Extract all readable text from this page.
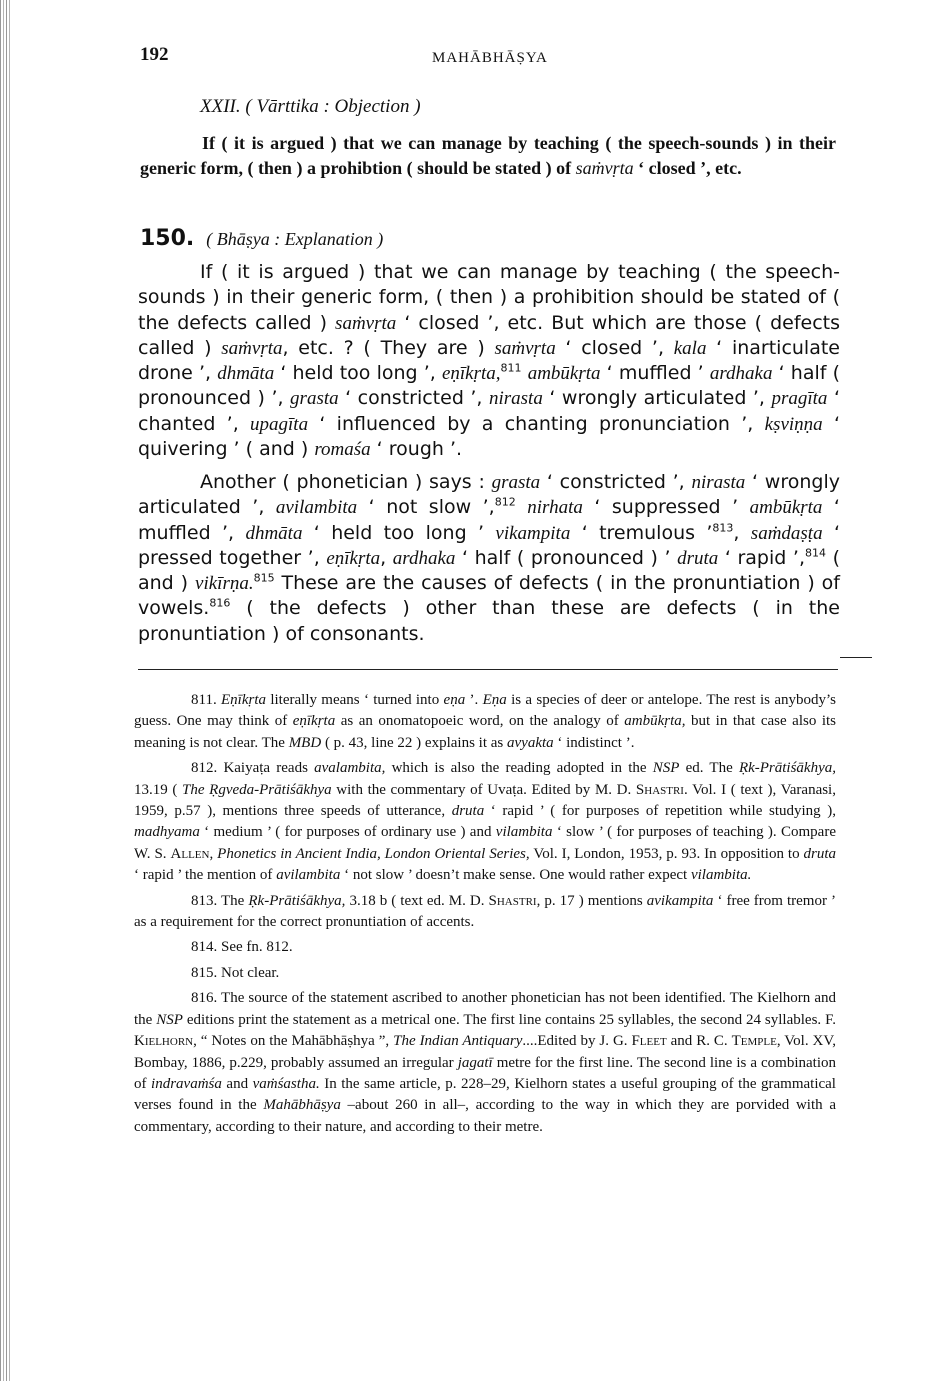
192	MAHĀBHĀṢYA
XXII. ( Vārttika : Objection )

If ( it is argued ) that we can manage by teaching ( the speech-sounds ) in their generic form, ( then ) a prohibtion ( should be stated ) of saṁvṛta ‘ closed ’, etc.

150. ( Bhāṣya : Explanation )

If ( it is argued ) that we can manage by teaching ( the speech-sounds ) in their generic form, ( then ) a prohibition should be stated of ( the defects called ) saṁvṛta ‘ closed ’, etc. But which are those ( defects called ) saṁvṛta, etc. ? ( They are ) saṁvṛta ‘ closed ’, kala ‘ inarticulate drone ’, dhmāta ‘ held too long ’, eṇīkṛta,$^{811}$ ambūkṛta ‘ muffled ’ ardhaka ‘ half ( pronounced ) ’, grasta ‘ constricted ’, nirasta ‘ wrongly articulated ’, pragīta ‘ chanted ’, upagīta ‘ influenced by a chanting pronunciation ’, kṣviṇṇa ‘ quivering ’ ( and ) romaśa ‘ rough ’.

Another ( phonetician ) says : grasta ‘ constricted ’, nirasta ‘ wrongly articulated ’, avilambita ‘ not slow ’,$^{812}$ nirhata ‘ suppressed ’ ambūkṛta ‘ muffled ’, dhmāta ‘ held too long ’ vikampita ‘ tremulous ’$^{813}$, saṁdaṣṭa ‘ pressed together ’, eṇīkṛta, ardhaka ‘ half ( pronounced ) ’ druta ‘ rapid ’,$^{814}$ ( and ) vikīrṇa.$^{815}$ These are the causes of defects ( in the pronuntiation ) of vowels.$^{816}$ ( the defects ) other than these are defects ( in the pronuntiation ) of consonants.

811. Eṇīkṛta literally means ‘ turned into eṇa ’. Eṇa is a species of deer or antelope. The rest is anybody’s guess. One may think of eṇīkṛta as an onomatopoeic word, on the analogy of ambūkṛta, but in that case also its meaning is not clear. The MBD ( p. 43, line 22 ) explains it as avyakta ‘ indistinct ’.

812. Kaiyaṭa reads avalambita, which is also the reading adopted in the NSP ed. The Ṛk-Prātiśākhya, 13.19 ( The Ṛgveda-Prātiśākhya with the commentary of Uvaṭa. Edited by M. D. Shastri. Vol. I ( text ), Varanasi, 1959, p.57 ), mentions three speeds of utterance, druta ‘ rapid ’ ( for purposes of repetition while studying ), madhyama ‘ medium ’ ( for purposes of ordinary use ) and vilambita ‘ slow ’ ( for purposes of teaching ). Compare W. S. Allen, Phonetics in Ancient India, London Oriental Series, Vol. I, London, 1953, p. 93. In opposition to druta ‘ rapid ’ the mention of avilambita ‘ not slow ’ doesn’t make sense. One would rather expect vilambita.

813. The Ṛk-Prātiśākhya, 3.18 b ( text ed. M. D. Shastri, p. 17 ) mentions avikampita ‘ free from tremor ’ as a requirement for the correct pronuntiation of accents.

814. See fn. 812.

815. Not clear.

816. The source of the statement ascribed to another phonetician has not been identified. The Kielhorn and the NSP editions print the statement as a metrical one. The first line contains 25 syllables, the second 24 syllables. F. Kielhorn, “ Notes on the Mahābhāṣhya ”, The Indian Antiquary....Edited by J. G. Fleet and R. C. Temple, Vol. XV, Bombay, 1886, p.229, probably assumed an irregular jagatī metre for the first line. The second line is a combination of indravaṁśa and vaṁśastha. In the same article, p. 228–29, Kielhorn states a useful grouping of the grammatical verses found in the Mahābhāṣya –about 260 in all–, according to the way in which they are porvided with a commentary, according to their nature, and according to their metre.
